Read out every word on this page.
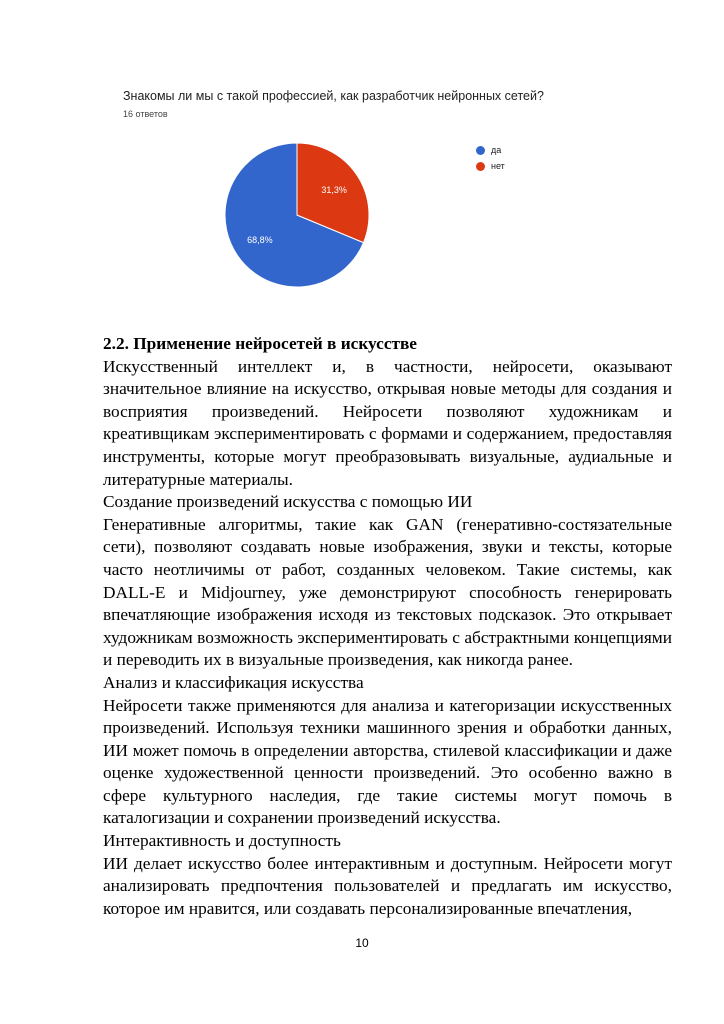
Знакомы ли мы с такой профессией, как разработчик нейронных сетей?
16 ответов
68,8%
31,3%
да
нет
2.2. Применение нейросетей в искусстве

Искусственный интеллект и, в частности, нейросети, оказывают значительное влияние на искусство, открывая новые методы для создания и восприятия произведений. Нейросети позволяют художникам и креативщикам экспериментировать с формами и содержанием, предоставляя инструменты, которые могут преобразовывать визуальные, аудиальные и литературные материалы.

Создание произведений искусства с помощью ИИ

Генеративные алгоритмы, такие как GAN (генеративно-состязательные сети), позволяют создавать новые изображения, звуки и тексты, которые часто неотличимы от работ, созданных человеком. Такие системы, как DALL-E и Midjourney, уже демонстрируют способность генерировать впечатляющие изображения исходя из текстовых подсказок. Это открывает художникам возможность экспериментировать с абстрактными концепциями и переводить их в визуальные произведения, как никогда ранее.

Анализ и классификация искусства

Нейросети также применяются для анализа и категоризации искусственных произведений. Используя техники машинного зрения и обработки данных, ИИ может помочь в определении авторства, стилевой классификации и даже оценке художественной ценности произведений. Это особенно важно в сфере культурного наследия, где такие системы могут помочь в каталогизации и сохранении произведений искусства.

Интерактивность и доступность

ИИ делает искусство более интерактивным и доступным. Нейросети могут анализировать предпочтения пользователей и предлагать им искусство, которое им нравится, или создавать персонализированные впечатления,

10
